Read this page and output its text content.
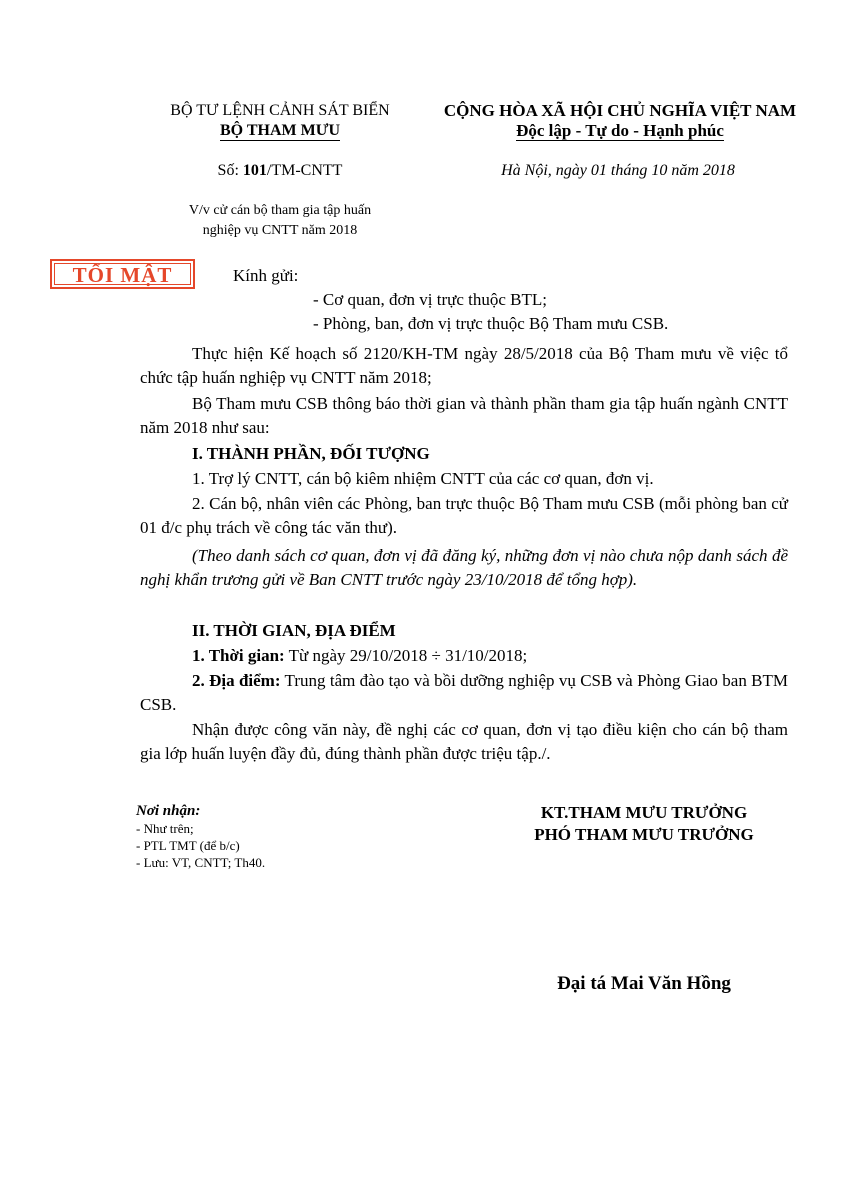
BỘ TƯ LỆNH CẢNH SÁT BIỂN
BỘ THAM MƯU
Số: 101/TM-CNTT
V/v cử cán bộ tham gia tập huấn
nghiệp vụ CNTT năm 2018
CỘNG HÒA XÃ HỘI CHỦ NGHĨA VIỆT NAM
Độc lập - Tự do - Hạnh phúc
Hà Nội, ngày 01 tháng 10 năm 2018
TỐI MẬT	Kính gửi:
- Cơ quan, đơn vị trực thuộc BTL;
- Phòng, ban, đơn vị trực thuộc Bộ Tham mưu CSB.
Thực hiện Kế hoạch số 2120/KH-TM ngày 28/5/2018 của Bộ Tham mưu về việc tổ chức tập huấn nghiệp vụ CNTT năm 2018;
Bộ Tham mưu CSB thông báo thời gian và thành phần tham gia tập huấn ngành CNTT năm 2018 như sau:
I. THÀNH PHẦN, ĐỐI TƯỢNG
1. Trợ lý CNTT, cán bộ kiêm nhiệm CNTT của các cơ quan, đơn vị.
2. Cán bộ, nhân viên các Phòng, ban trực thuộc Bộ Tham mưu CSB (mỗi phòng ban cử 01 đ/c phụ trách về công tác văn thư).
(Theo danh sách cơ quan, đơn vị đã đăng ký, những đơn vị nào chưa nộp danh sách đề nghị khẩn trương gửi về Ban CNTT trước ngày 23/10/2018 để tổng hợp).
II. THỜI GIAN, ĐỊA ĐIỂM
1. Thời gian: Từ ngày 29/10/2018 ÷ 31/10/2018;
2. Địa điểm: Trung tâm đào tạo và bồi dưỡng nghiệp vụ CSB và Phòng Giao ban BTM CSB.
Nhận được công văn này, đề nghị các cơ quan, đơn vị tạo điều kiện cho cán bộ tham gia lớp huấn luyện đầy đủ, đúng thành phần được triệu tập./.
Nơi nhận:
- Như trên;
- PTL TMT (để b/c)
- Lưu: VT, CNTT; Th40.
KT.THAM MƯU TRƯỞNG
PHÓ THAM MƯU TRƯỞNG
Đại tá Mai Văn Hồng
